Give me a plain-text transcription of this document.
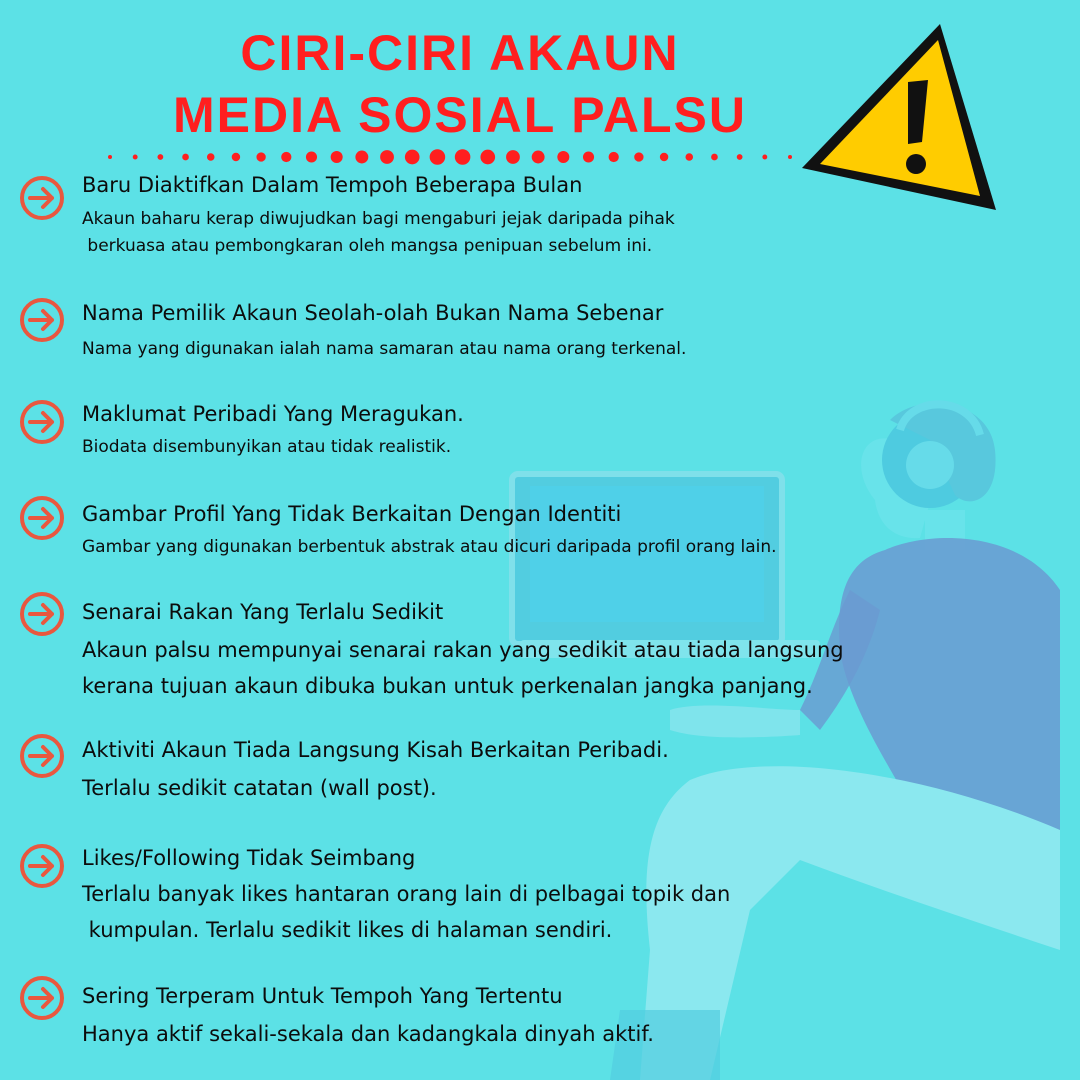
CIRI-CIRI AKAUN
MEDIA SOSIAL PALSU

Baru Diaktifkan Dalam Tempoh Beberapa Bulan

Akaun baharu kerap diwujudkan bagi mengaburi jejak daripada pihak
berkuasa atau pembongkaran oleh mangsa penipuan sebelum ini.

Nama Pemilik Akaun Seolah-olah Bukan Nama Sebenar

Nama yang digunakan ialah nama samaran atau nama orang terkenal.

Maklumat Peribadi Yang Meragukan.

Biodata disembunyikan atau tidak realistik.

Gambar Profil Yang Tidak Berkaitan Dengan Identiti

Gambar yang digunakan berbentuk abstrak atau dicuri daripada profil orang lain.

Senarai Rakan Yang Terlalu Sedikit

Akaun palsu mempunyai senarai rakan yang sedikit atau tiada langsung
kerana tujuan akaun dibuka bukan untuk perkenalan jangka panjang.

Aktiviti Akaun Tiada Langsung Kisah Berkaitan Peribadi.

Terlalu sedikit catatan (wall post).

Likes/Following Tidak Seimbang

Terlalu banyak likes hantaran orang lain di pelbagai topik dan
kumpulan. Terlalu sedikit likes di halaman sendiri.

Sering Terperam Untuk Tempoh Yang Tertentu

Hanya aktif sekali-sekala dan kadangkala dinyah aktif.
